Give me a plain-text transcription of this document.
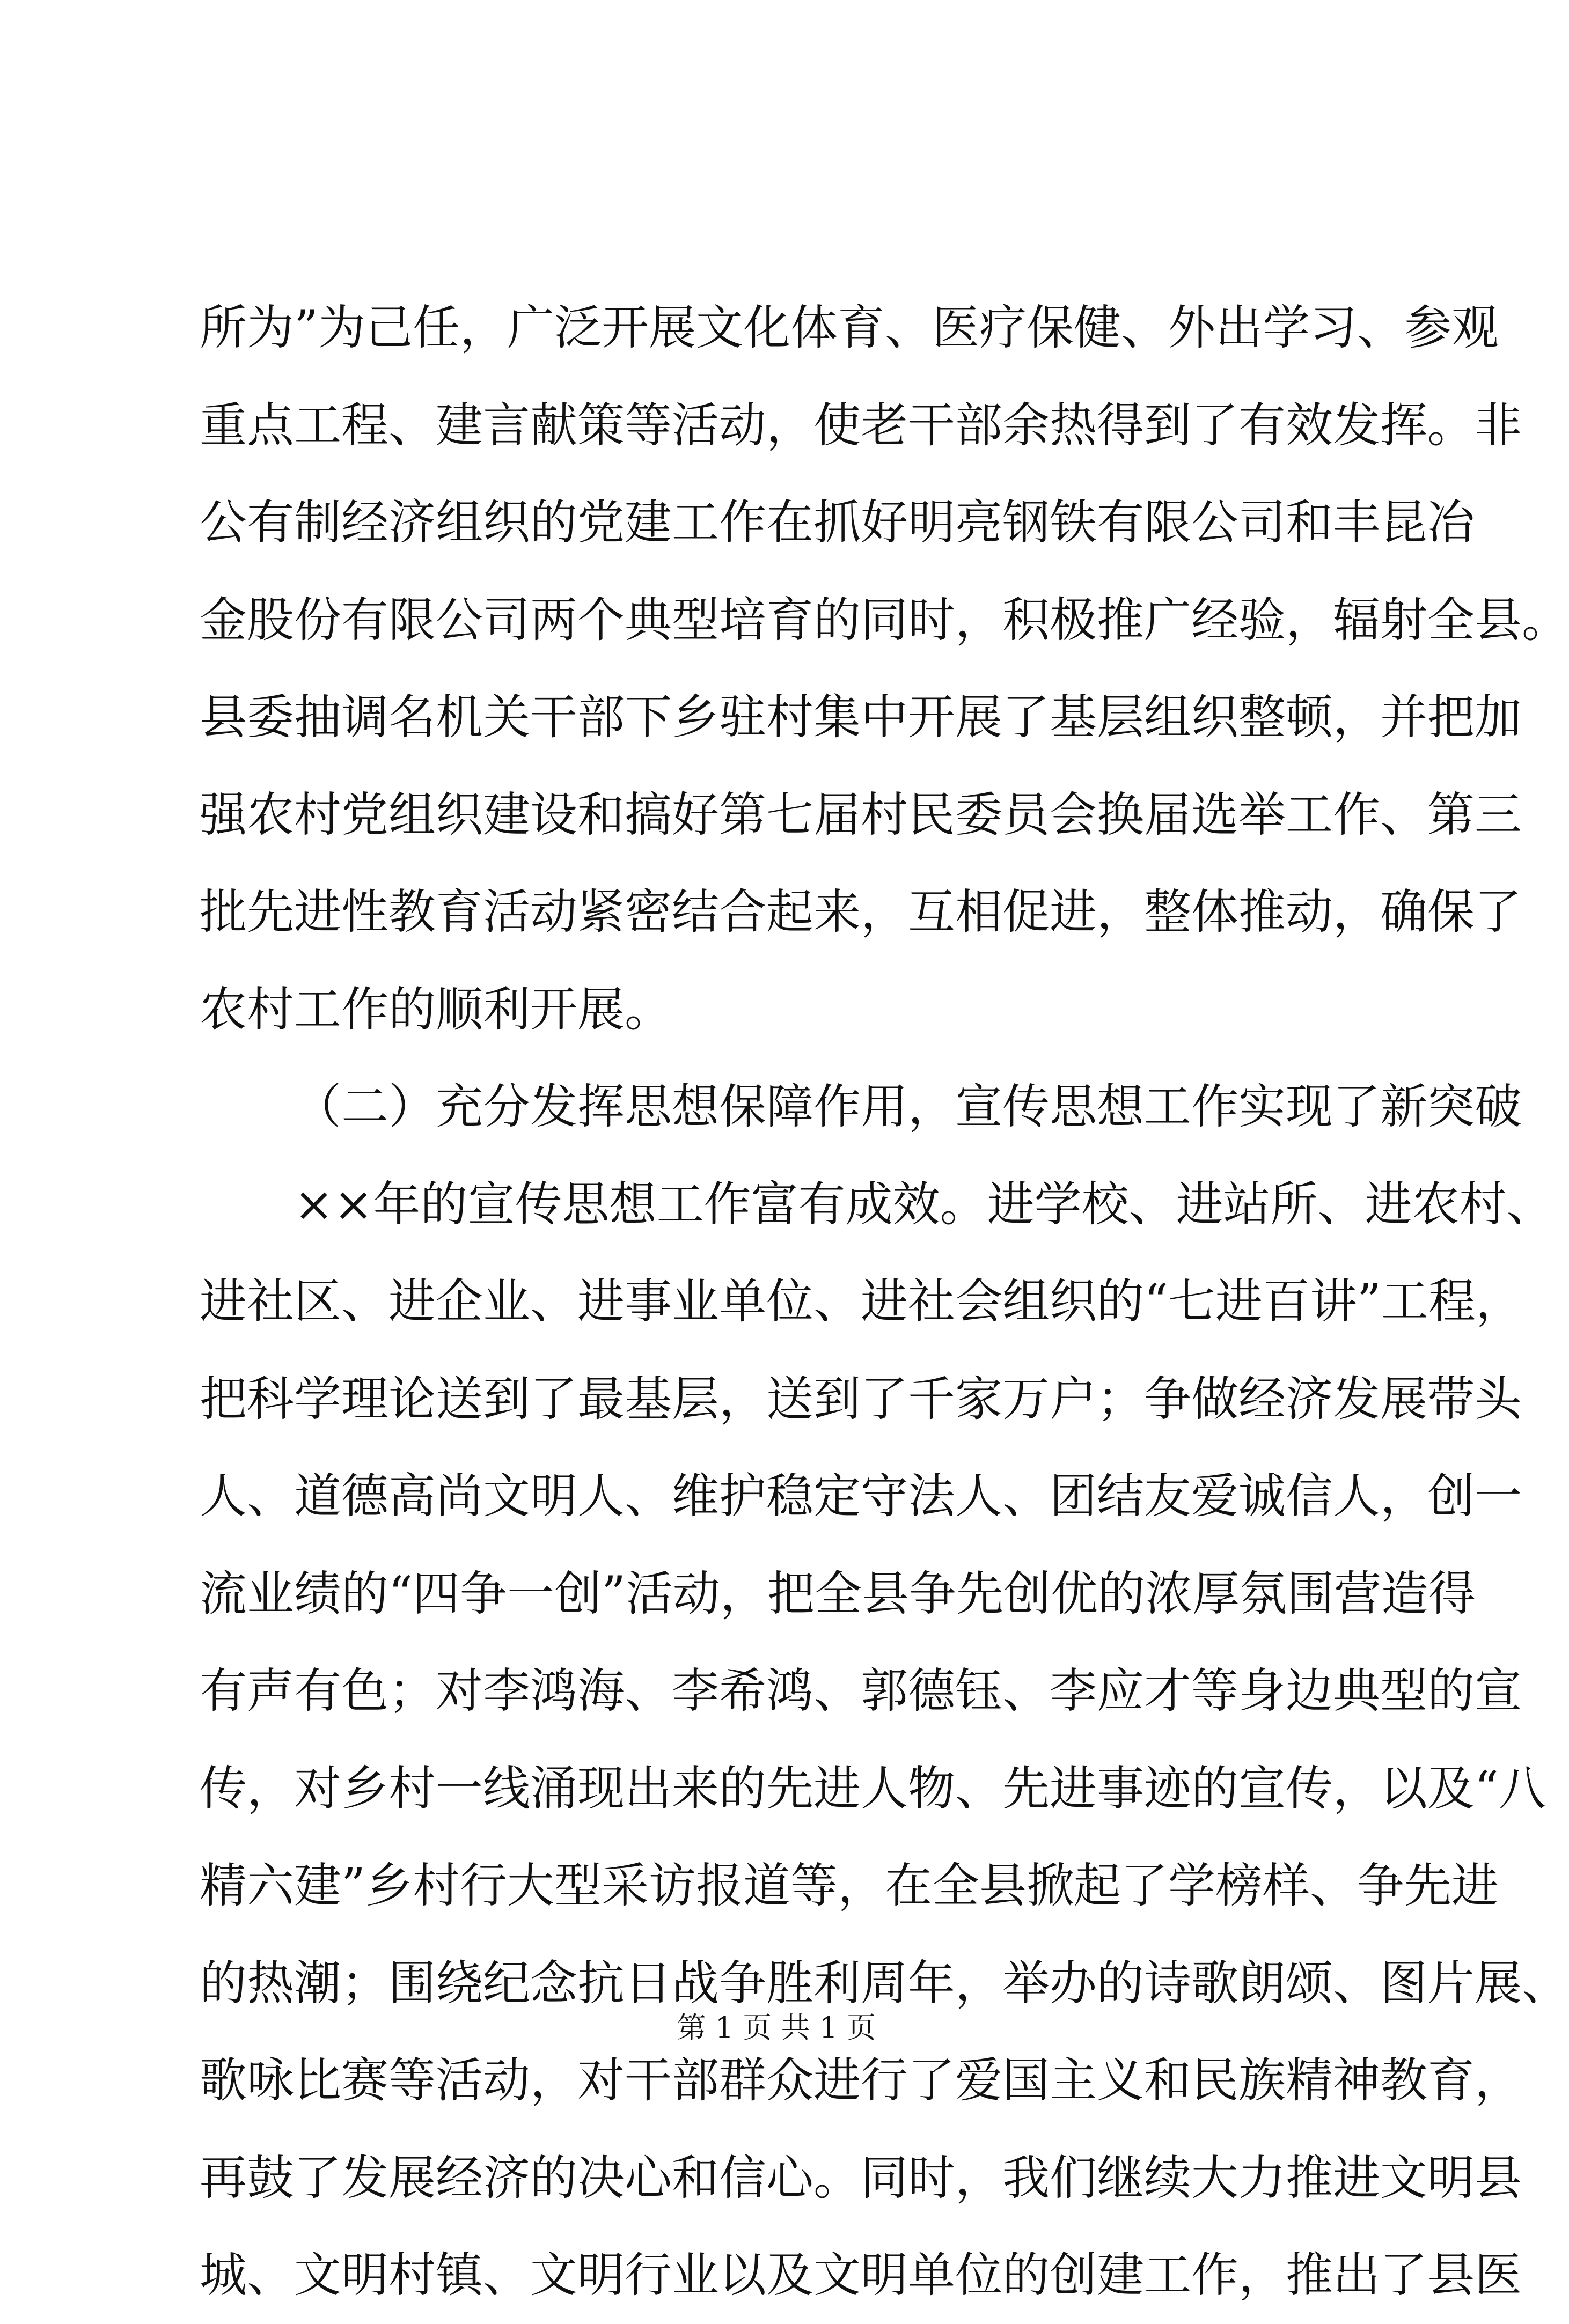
所为”为己任，广泛开展文化体育、医疗保健、外出学习、参观
重点工程、建言献策等活动，使老干部余热得到了有效发挥。非
公有制经济组织的党建工作在抓好明亮钢铁有限公司和丰昆冶
金股份有限公司两个典型培育的同时，积极推广经验，辐射全县。
县委抽调名机关干部下乡驻村集中开展了基层组织整顿，并把加
强农村党组织建设和搞好第七届村民委员会换届选举工作、第三
批先进性教育活动紧密结合起来，互相促进，整体推动，确保了
农村工作的顺利开展。
（二）充分发挥思想保障作用，宣传思想工作实现了新突破
××年的宣传思想工作富有成效。进学校、进站所、进农村、
进社区、进企业、进事业单位、进社会组织的“七进百讲”工程，
把科学理论送到了最基层，送到了千家万户；争做经济发展带头
人、道德高尚文明人、维护稳定守法人、团结友爱诚信人，创一
流业绩的“四争一创”活动，把全县争先创优的浓厚氛围营造得
有声有色；对李鸿海、李希鸿、郭德钰、李应才等身边典型的宣
传，对乡村一线涌现出来的先进人物、先进事迹的宣传，以及“八
精六建”乡村行大型采访报道等，在全县掀起了学榜样、争先进
的热潮；围绕纪念抗日战争胜利周年，举办的诗歌朗颂、图片展、
歌咏比赛等活动，对干部群众进行了爱国主义和民族精神教育，
再鼓了发展经济的决心和信心。同时，我们继续大力推进文明县
城、文明村镇、文明行业以及文明单位的创建工作，推出了县医
第 1 页 共 1 页
